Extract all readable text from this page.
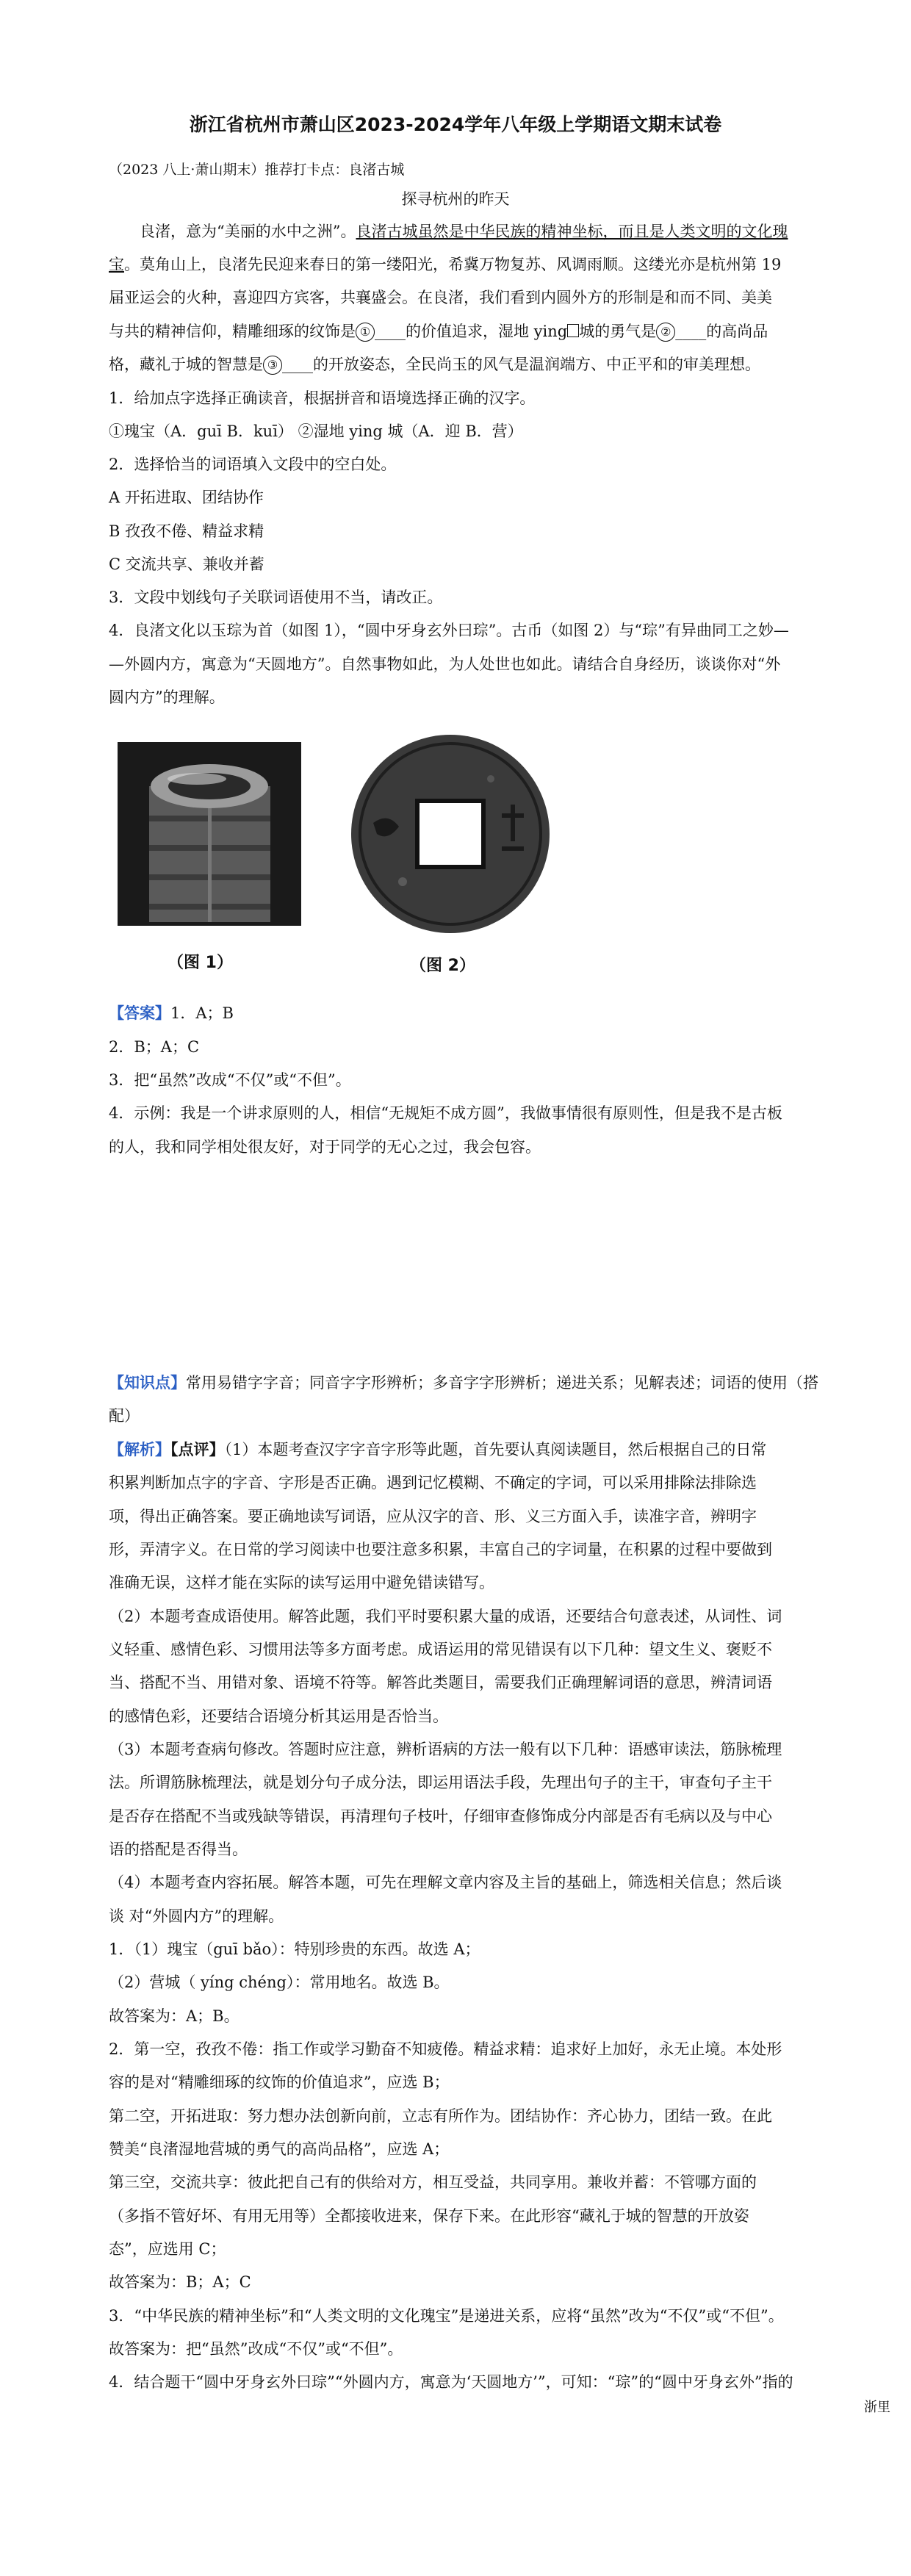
浙江省杭州市萧山区2023-2024学年八年级上学期语文期末试卷
（2023 八上·萧山期末）推荐打卡点：良渚古城
探寻杭州的昨天
良渚，意为“美丽的水中之洲”。良渚古城虽然是中华民族的精神坐标，而且是人类文明的文化瑰
宝。莫角山上，良渚先民迎来春日的第一缕阳光，希冀万物复苏、风调雨顺。这缕光亦是杭州第 19
届亚运会的火种，喜迎四方宾客，共襄盛会。在良渚，我们看到内圆外方的形制是和而不同、美美
与共的精神信仰，精雕细琢的纹饰是 ① ____的价值追求，湿地 ying 城的勇气是 ② ____的高尚品
格，藏礼于城的智慧是 ③ ____的开放姿态，全民尚玉的风气是温润端方、中正平和的审美理想。
1．给加点字选择正确读音，根据拼音和语境选择正确的汉字。
①瑰宝（A．guī B．kuī） ②湿地 ying 城（A．迎 B．营）
2．选择恰当的词语填入文段中的空白处。
A 开拓进取、团结协作
B 孜孜不倦、精益求精
C 交流共享、兼收并蓄
3．文段中划线句子关联词语使用不当，请改正。
4．良渚文化以玉琮为首（如图 1），“圆中牙身玄外曰琮”。古币（如图 2）与“琮”有异曲同工之妙—
—外圆内方，寓意为“天圆地方”。自然事物如此，为人处世也如此。请结合自身经历，谈谈你对“外
圆内方”的理解。
（图 1）	（图 2）
【答案】1．A；B
2．B；A；C
3．把“虽然”改成“不仅”或“不但”。
4．示例：我是一个讲求原则的人，相信“无规矩不成方圆”，我做事情很有原则性，但是我不是古板
的人，我和同学相处很友好，对于同学的无心之过，我会包容。
【知识点】常用易错字字音；同音字字形辨析；多音字字形辨析；递进关系；见解表述；词语的使用（搭
配）
【解析】【点评】（1）本题考查汉字字音字形等此题，首先要认真阅读题目，然后根据自己的日常
积累判断加点字的字音、字形是否正确。遇到记忆模糊、不确定的字词，可以采用排除法排除选
项，得出正确答案。要正确地读写词语，应从汉字的音、形、义三方面入手，读准字音，辨明字
形，弄清字义。在日常的学习阅读中也要注意多积累，丰富自己的字词量，在积累的过程中要做到
准确无误，这样才能在实际的读写运用中避免错读错写。
（2）本题考查成语使用。解答此题，我们平时要积累大量的成语，还要结合句意表述，从词性、词
义轻重、感情色彩、习惯用法等多方面考虑。成语运用的常见错误有以下几种：望文生义、褒贬不
当、搭配不当、用错对象、语境不符等。解答此类题目，需要我们正确理解词语的意思，辨清词语
的感情色彩，还要结合语境分析其运用是否恰当。
（3）本题考查病句修改。答题时应注意，辨析语病的方法一般有以下几种：语感审读法，筋脉梳理
法。所谓筋脉梳理法，就是划分句子成分法，即运用语法手段，先理出句子的主干，审查句子主干
是否存在搭配不当或残缺等错误，再清理句子枝叶，仔细审查修饰成分内部是否有毛病以及与中心
语的搭配是否得当。
（4）本题考查内容拓展。解答本题，可先在理解文章内容及主旨的基础上，筛选相关信息；然后谈
谈 对“外圆内方”的理解。
1．（1）瑰宝（guī bǎo）：特别珍贵的东西。故选 A；
（2）营城（ yíng chéng）：常用地名。故选 B。
故答案为：A；B。
2．第一空，孜孜不倦：指工作或学习勤奋不知疲倦。精益求精：追求好上加好，永无止境。本处形
容的是对“精雕细琢的纹饰的价值追求”，应选 B；
第二空，开拓进取：努力想办法创新向前，立志有所作为。团结协作：齐心协力，团结一致。在此
赞美“良渚湿地营城的勇气的高尚品格”，应选 A；
第三空，交流共享：彼此把自己有的供给对方，相互受益，共同享用。兼收并蓄：不管哪方面的
（多指不管好坏、有用无用等）全都接收进来，保存下来。在此形容“藏礼于城的智慧的开放姿
态”，应选用 C；
故答案为：B；A；C
3．“中华民族的精神坐标”和“人类文明的文化瑰宝”是递进关系，应将“虽然”改为“不仅”或“不但”。
故答案为：把“虽然”改成“不仅”或“不但”。
4．结合题干“圆中牙身玄外曰琮”“外圆内方，寓意为‘天圆地方’”，可知：“琮”的“圆中牙身玄外”指的
浙里
